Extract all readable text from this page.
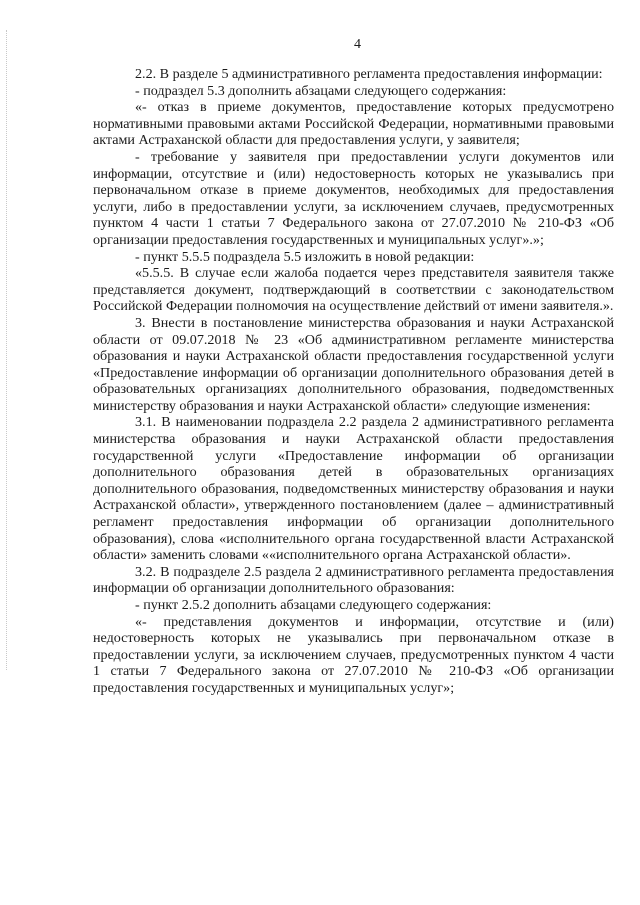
4

2.2. В разделе 5 административного регламента предоставления информации:

- подраздел 5.3 дополнить абзацами следующего содержания:

«- отказ в приеме документов, предоставление которых предусмотрено нормативными правовыми актами Российской Федерации, нормативными правовыми актами Астраханской области для предоставления услуги, у заявителя;

- требование у заявителя при предоставлении услуги документов или информации, отсутствие и (или) недостоверность которых не указывались при первоначальном отказе в приеме документов, необходимых для предоставления услуги, либо в предоставлении услуги, за исключением случаев, предусмотренных пунктом 4 части 1 статьи 7 Федерального закона от 27.07.2010 № 210-ФЗ «Об организации предоставления государственных и муниципальных услуг».»;

- пункт 5.5.5 подраздела 5.5 изложить в новой редакции:

«5.5.5. В случае если жалоба подается через представителя заявителя также представляется документ, подтверждающий в соответствии с законодательством Российской Федерации полномочия на осуществление действий от имени заявителя.».

3. Внести в постановление министерства образования и науки Астраханской области от 09.07.2018 № 23 «Об административном регламенте министерства образования и науки Астраханской области предоставления государственной услуги «Предоставление информации об организации дополнительного образования детей в образовательных организациях дополнительного образования, подведомственных министерству образования и науки Астраханской области» следующие изменения:

3.1. В наименовании подраздела 2.2 раздела 2 административного регламента министерства образования и науки Астраханской области предоставления государственной услуги «Предоставление информации об организации дополнительного образования детей в образовательных организациях дополнительного образования, подведомственных министерству образования и науки Астраханской области», утвержденного постановлением (далее – административный регламент предоставления информации об организации дополнительного образования), слова «исполнительного органа государственной власти Астраханской области» заменить словами ««исполнительного органа Астраханской области».

3.2. В подразделе 2.5 раздела 2 административного регламента предоставления информации об организации дополнительного образования:

- пункт 2.5.2 дополнить абзацами следующего содержания:

«- представления документов и информации, отсутствие и (или) недостоверность которых не указывались при первоначальном отказе в предоставлении услуги, за исключением случаев, предусмотренных пунктом 4 части 1 статьи 7 Федерального закона от 27.07.2010 № 210-ФЗ «Об организации предоставления государственных и муниципальных услуг»;
